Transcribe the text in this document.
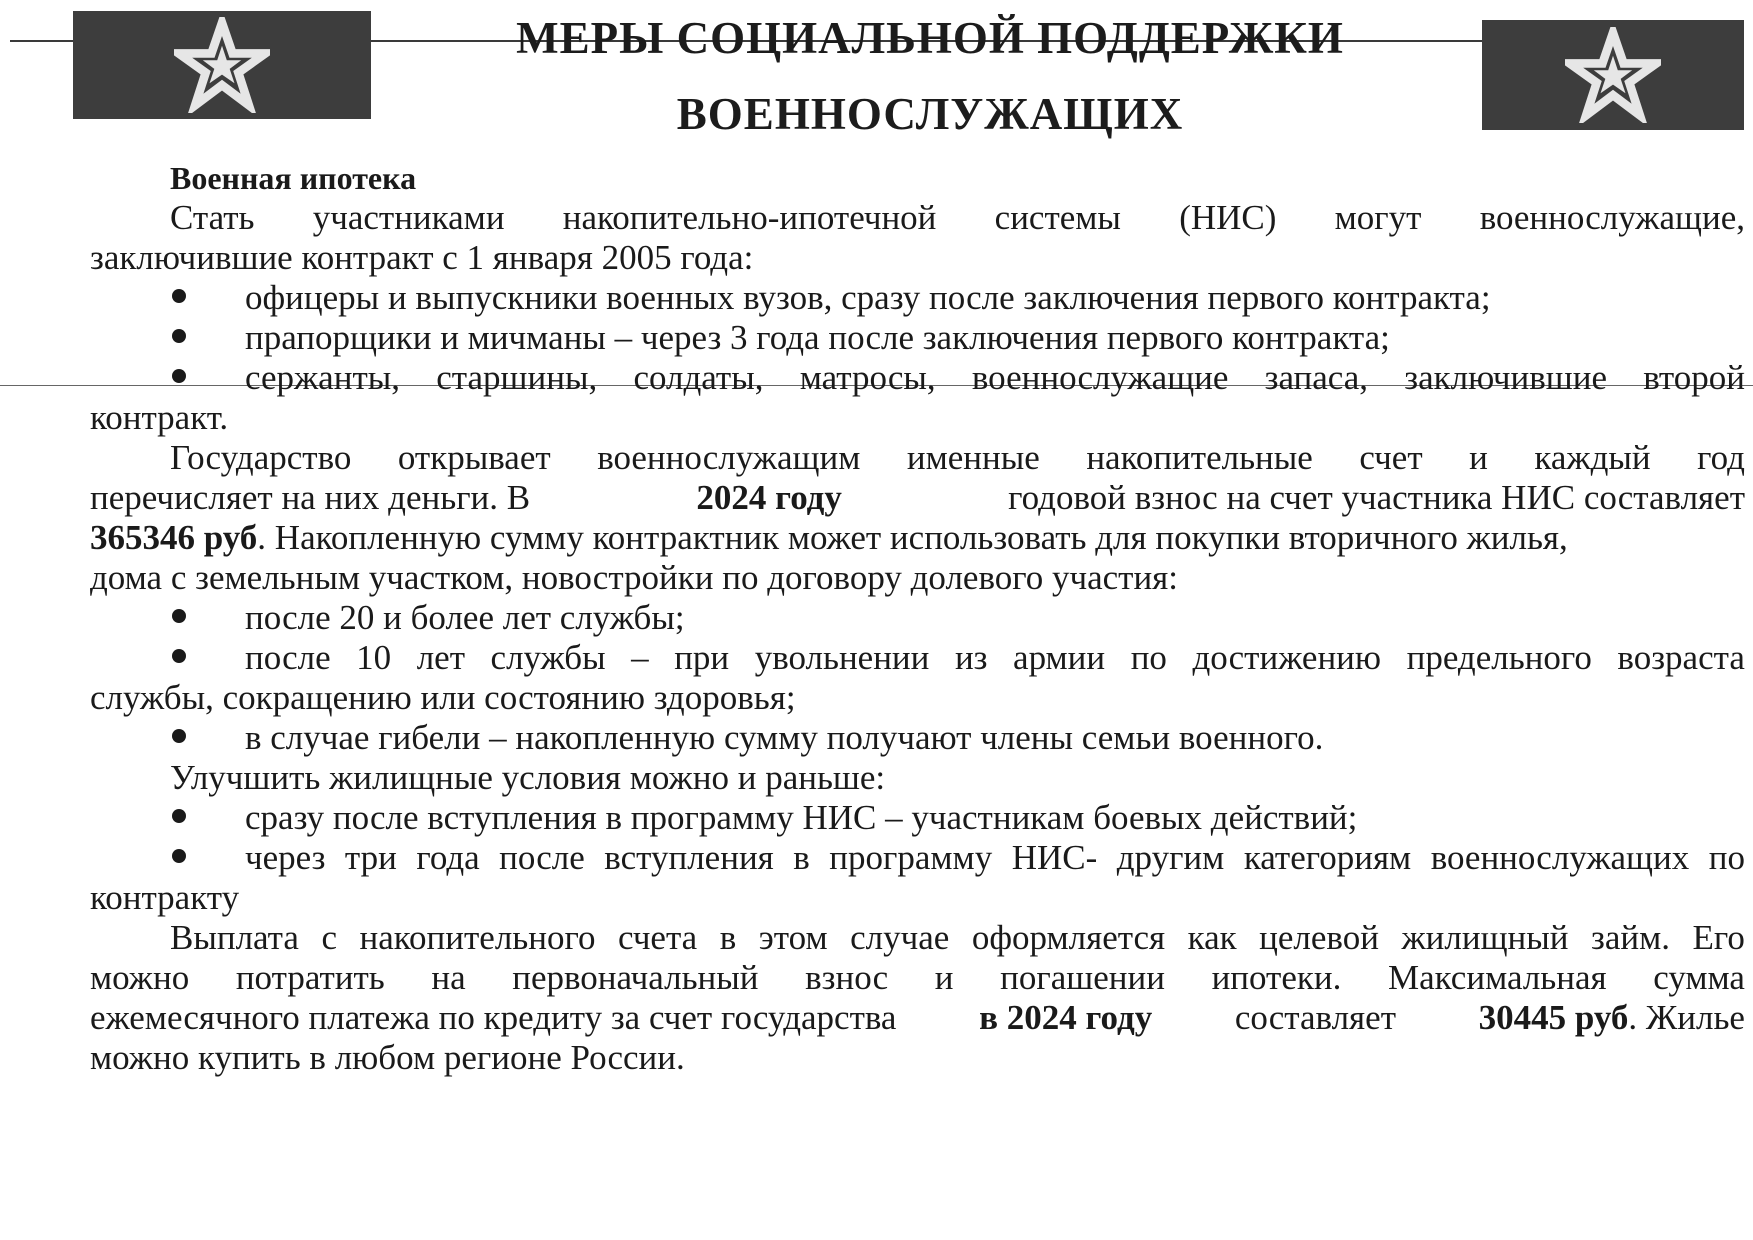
МЕРЫ СОЦИАЛЬНОЙ ПОДДЕРЖКИ
ВОЕННОСЛУЖАЩИХ
Военная ипотека
Стать участниками накопительно-ипотечной системы (НИС) могут военнослужащие,
заключившие контракт с 1 января 2005 года:
офицеры и выпускники военных вузов, сразу после заключения первого контракта;
прапорщики и мичманы – через 3 года после заключения первого контракта;
сержанты, старшины, солдаты, матросы, военнослужащие запаса, заключившие второй
контракт.
Государство открывает военнослужащим именные накопительные счет и каждый год
перечисляет на них деньги. В	2024 году	годовой взнос на счет участника НИС составляет
365346 руб. Накопленную сумму контрактник может использовать для покупки вторичного жилья,
дома с земельным участком, новостройки по договору долевого участия:
после 20 и более лет службы;
после 10 лет службы – при увольнении из армии по достижению предельного возраста
службы, сокращению или состоянию здоровья;
в случае гибели – накопленную сумму получают члены семьи военного.
Улучшить жилищные условия можно и раньше:
сразу после вступления в программу НИС – участникам боевых действий;
через три года после вступления в программу НИС- другим категориям военнослужащих по
контракту
Выплата с накопительного счета в этом случае оформляется как целевой жилищный займ. Его
можно потратить на первоначальный взнос и погашении ипотеки. Максимальная сумма
ежемесячного платежа по кредиту за счет государства в 2024 году составляет 30445 руб. Жилье
можно купить в любом регионе России.
